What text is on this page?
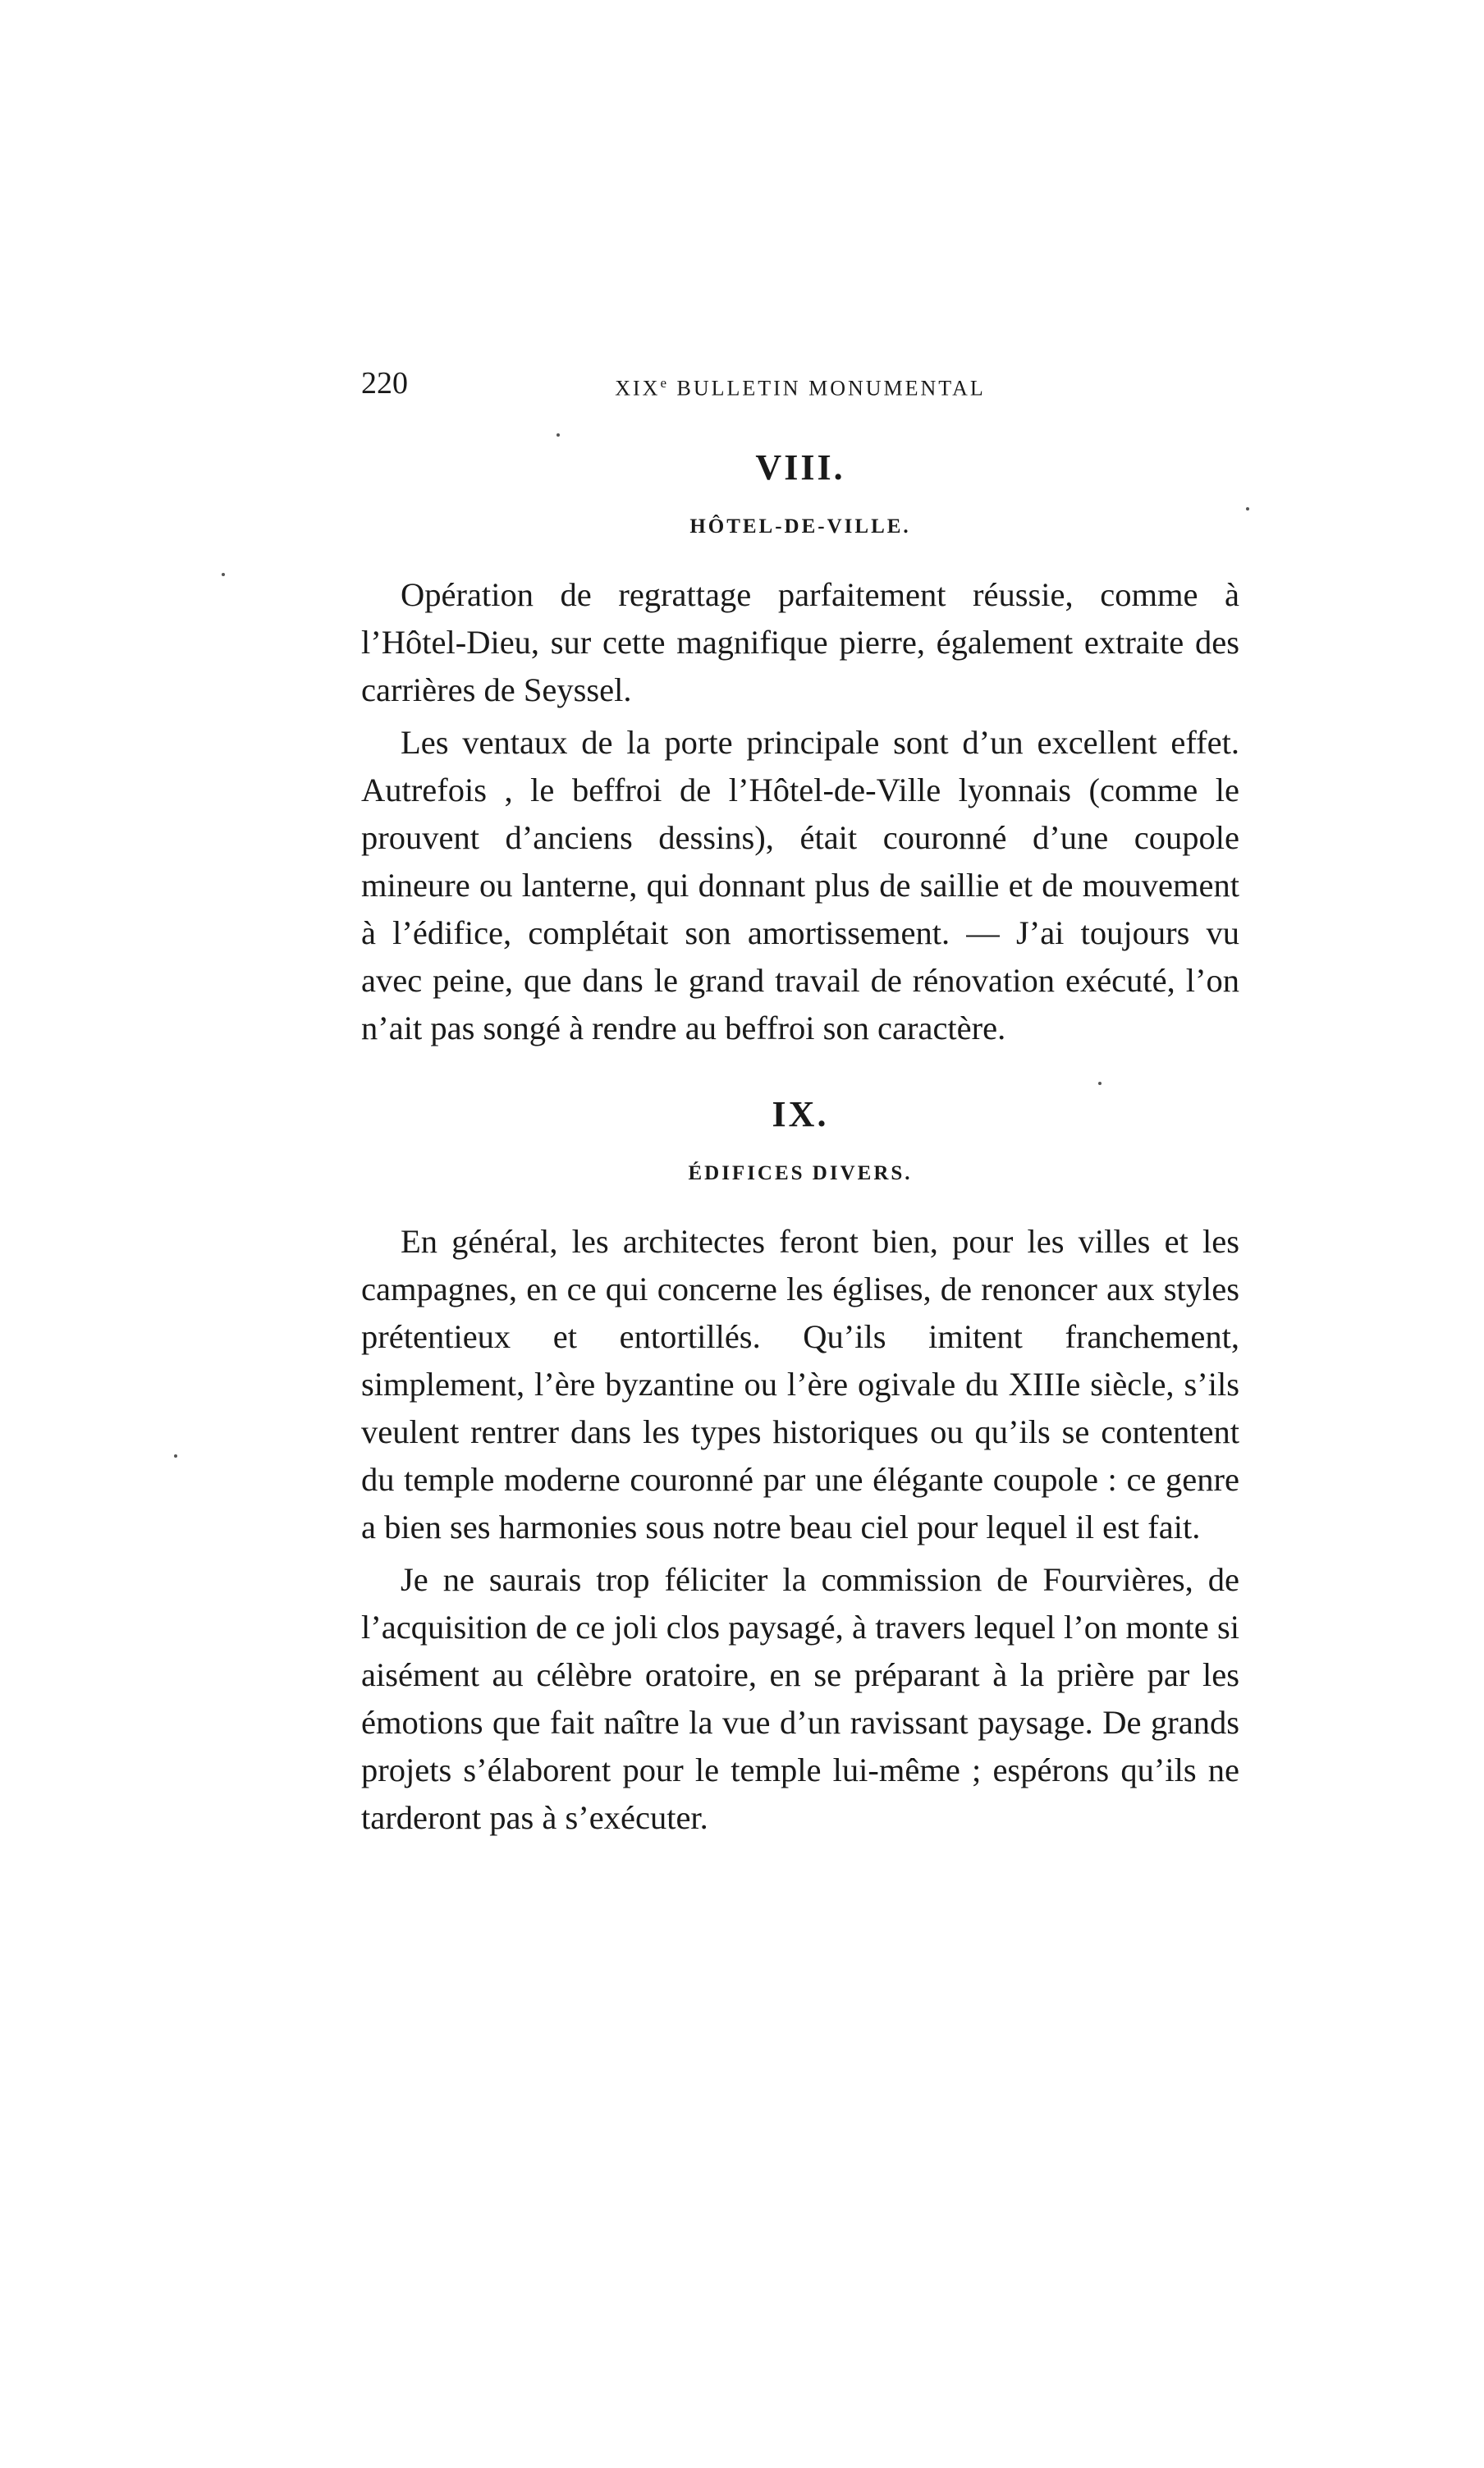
220	XIXe BULLETIN MONUMENTAL
VIII.
HÔTEL-DE-VILLE.

Opération de regrattage parfaitement réussie, comme à l’Hôtel-Dieu, sur cette magnifique pierre, également extraite des carrières de Seyssel.

Les ventaux de la porte principale sont d’un excellent effet. Autrefois , le beffroi de l’Hôtel-de-Ville lyonnais (comme le prouvent d’anciens dessins), était couronné d’une coupole mineure ou lanterne, qui donnant plus de saillie et de mouvement à l’édifice, complétait son amortissement. — J’ai toujours vu avec peine, que dans le grand travail de rénovation exécuté, l’on n’ait pas songé à rendre au beffroi son caractère.

IX.
ÉDIFICES DIVERS.

En général, les architectes feront bien, pour les villes et les campagnes, en ce qui concerne les églises, de renoncer aux styles prétentieux et entortillés. Qu’ils imitent franchement, simplement, l’ère byzantine ou l’ère ogivale du XIIIe siècle, s’ils veulent rentrer dans les types historiques ou qu’ils se contentent du temple moderne couronné par une élégante coupole : ce genre a bien ses harmonies sous notre beau ciel pour lequel il est fait.

Je ne saurais trop féliciter la commission de Fourvières, de l’acquisition de ce joli clos paysagé, à travers lequel l’on monte si aisément au célèbre oratoire, en se préparant à la prière par les émotions que fait naître la vue d’un ravissant paysage. De grands projets s’élaborent pour le temple lui-même ; espérons qu’ils ne tarderont pas à s’exécuter.
